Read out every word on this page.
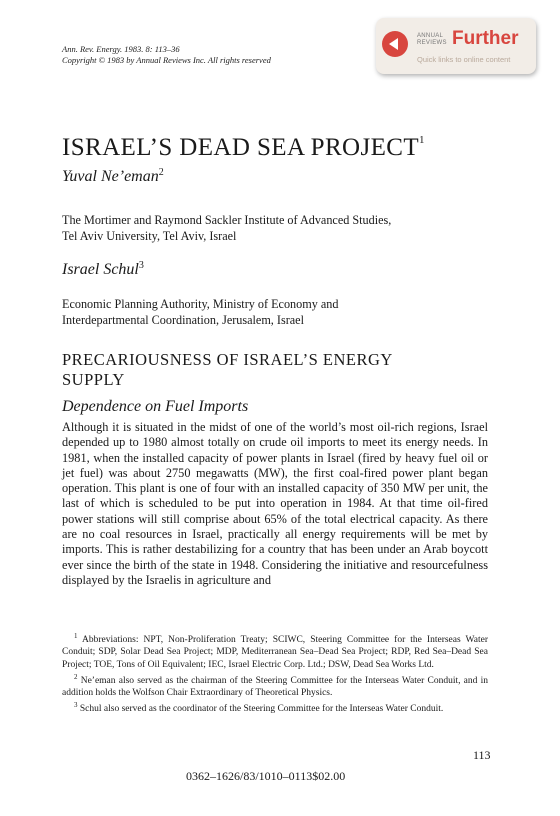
Ann. Rev. Energy. 1983. 8: 113–36
Copyright © 1983 by Annual Reviews Inc. All rights reserved
ANNUAL
REVIEWS Further
Quick links to online content
ISRAEL’S DEAD SEA PROJECT$^1$
Yuval Ne’eman$^2$
The Mortimer and Raymond Sackler Institute of Advanced Studies,
Tel Aviv University, Tel Aviv, Israel
Israel Schul$^3$
Economic Planning Authority, Ministry of Economy and
Interdepartmental Coordination, Jerusalem, Israel
PRECARIOUSNESS OF ISRAEL’S ENERGY
SUPPLY
Dependence on Fuel Imports

Although it is situated in the midst of one of the world’s most oil-rich regions, Israel depended up to 1980 almost totally on crude oil imports to meet its energy needs. In 1981, when the installed capacity of power plants in Israel (fired by heavy fuel oil or jet fuel) was about 2750 megawatts (MW), the first coal-fired power plant began operation. This plant is one of four with an installed capacity of 350 MW per unit, the last of which is scheduled to be put into operation in 1984. At that time oil-fired power stations will still comprise about 65% of the total electrical capacity. As there are no coal resources in Israel, practically all energy requirements will be met by imports. This is rather destabilizing for a country that has been under an Arab boycott ever since the birth of the state in 1948. Considering the initiative and resourcefulness displayed by the Israelis in agriculture and

$^1$ Abbreviations: NPT, Non-Proliferation Treaty; SCIWC, Steering Committee for the Interseas Water Conduit; SDP, Solar Dead Sea Project; MDP, Mediterranean Sea–Dead Sea Project; RDP, Red Sea–Dead Sea Project; TOE, Tons of Oil Equivalent; IEC, Israel Electric Corp. Ltd.; DSW, Dead Sea Works Ltd.

$^2$ Ne’eman also served as the chairman of the Steering Committee for the Interseas Water Conduit, and in addition holds the Wolfson Chair Extraordinary of Theoretical Physics.

$^3$ Schul also served as the coordinator of the Steering Committee for the Interseas Water Conduit.

113
0362–1626/83/1010–0113$02.00
